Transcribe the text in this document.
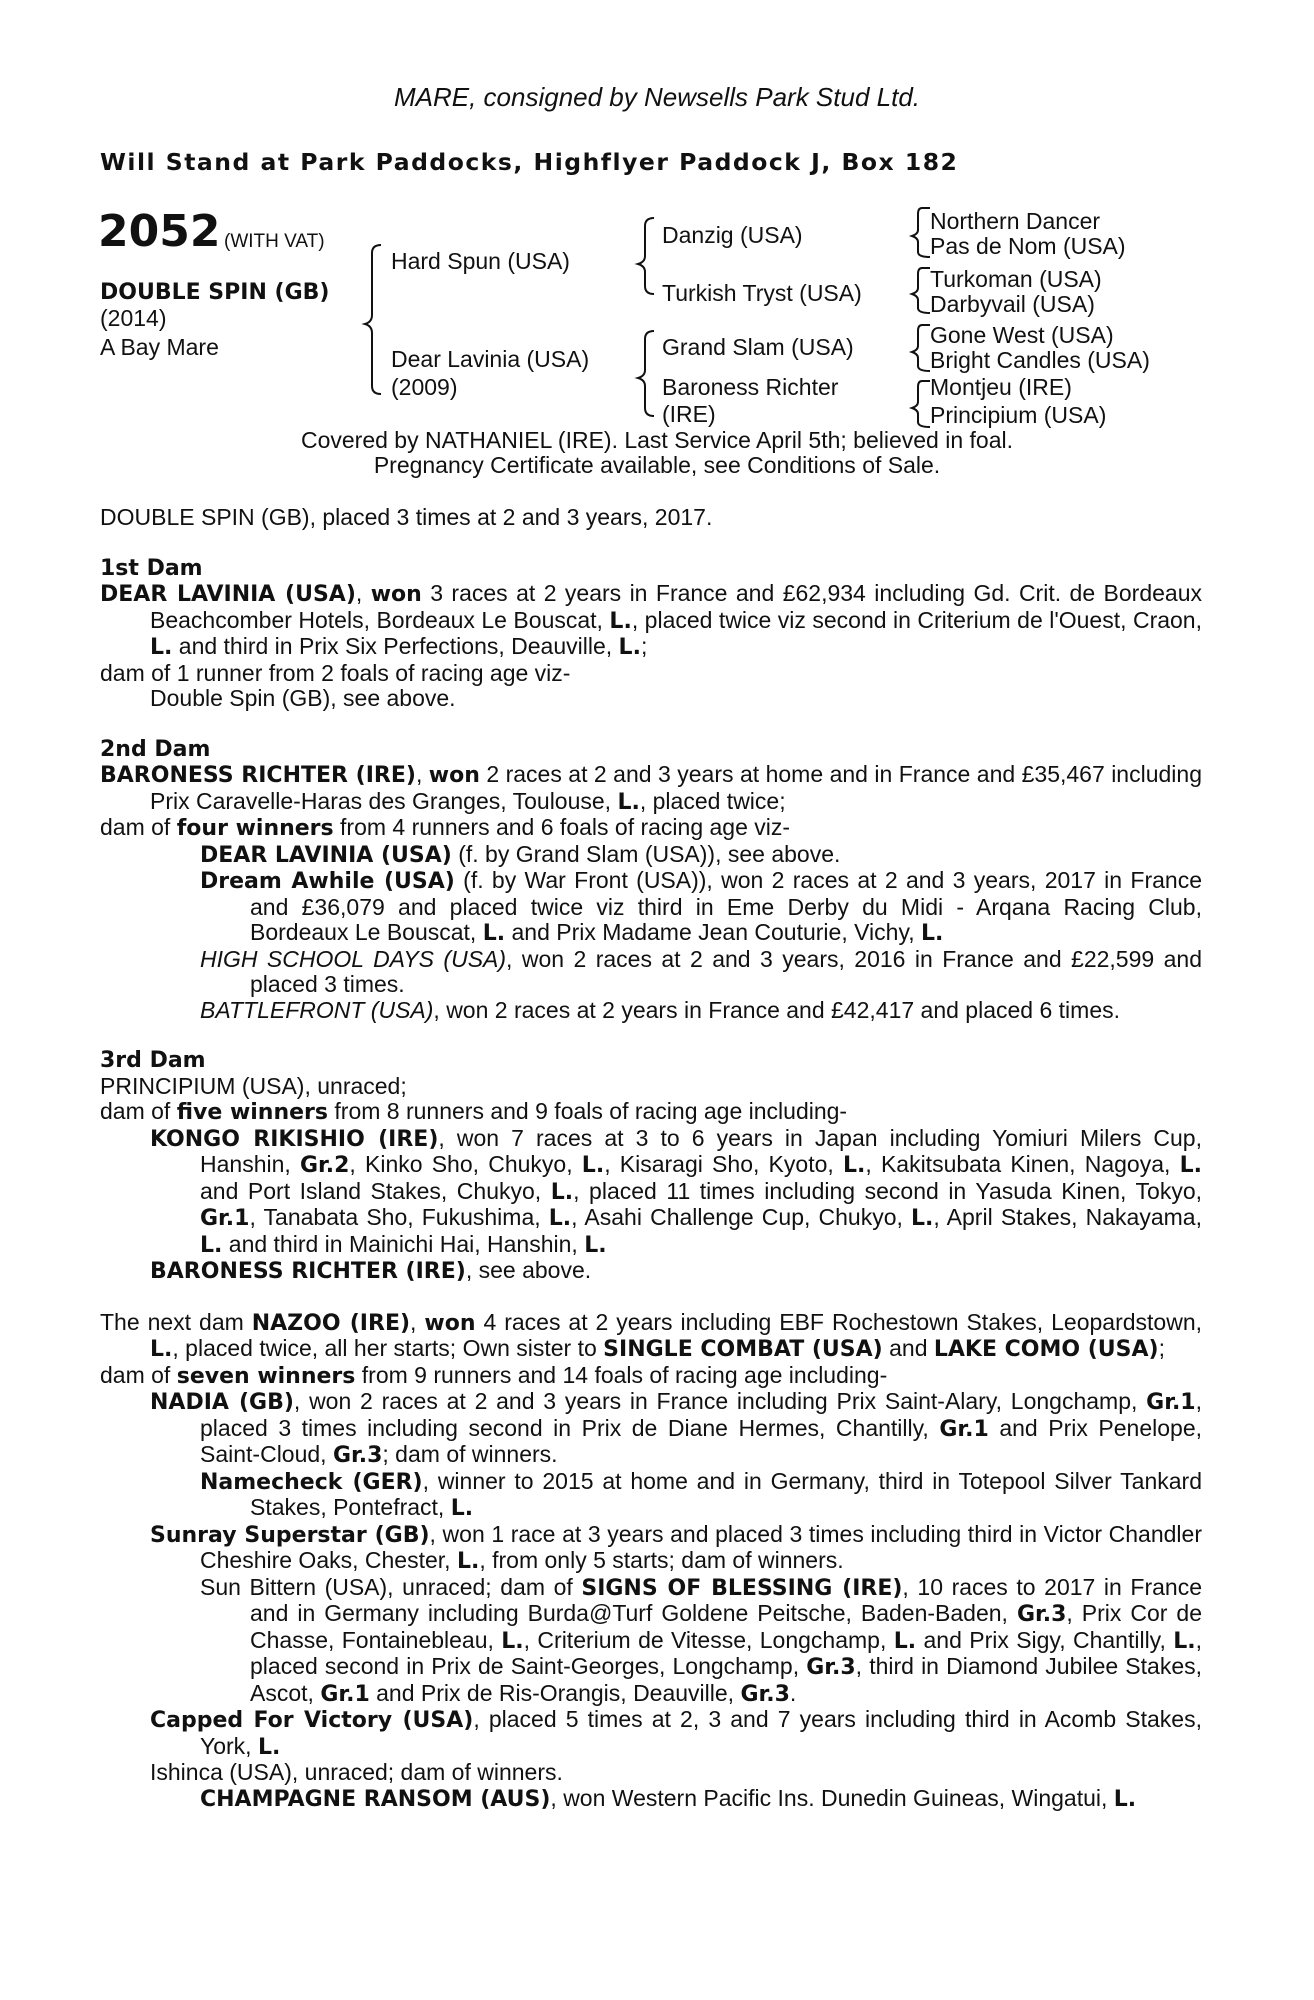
MARE, consigned by Newsells Park Stud Ltd.
Will Stand at Park Paddocks, Highflyer Paddock J, Box 182
2052 (WITH VAT)
DOUBLE SPIN (GB)
(2014)
A Bay Mare
Hard Spun (USA)
Dear Lavinia (USA)
(2009)
Danzig (USA)
Turkish Tryst (USA)
Grand Slam (USA)
Baroness Richter
(IRE)
Northern Dancer
Pas de Nom (USA)
Turkoman (USA)
Darbyvail (USA)
Gone West (USA)
Bright Candles (USA)
Montjeu (IRE)
Principium (USA)
Covered by NATHANIEL (IRE). Last Service April 5th; believed in foal.
Pregnancy Certificate available, see Conditions of Sale.

DOUBLE SPIN (GB), placed 3 times at 2 and 3 years, 2017.

1st Dam

DEAR LAVINIA (USA), won 3 races at 2 years in France and £62,934 including Gd. Crit. de Bordeaux Beachcomber Hotels, Bordeaux Le Bouscat, L., placed twice viz second in Criterium de l'Ouest, Craon, L. and third in Prix Six Perfections, Deauville, L.;

dam of 1 runner from 2 foals of racing age viz-

Double Spin (GB), see above.

2nd Dam

BARONESS RICHTER (IRE), won 2 races at 2 and 3 years at home and in France and £35,467 including Prix Caravelle-Haras des Granges, Toulouse, L., placed twice;

dam of four winners from 4 runners and 6 foals of racing age viz-

DEAR LAVINIA (USA) (f. by Grand Slam (USA)), see above.

Dream Awhile (USA) (f. by War Front (USA)), won 2 races at 2 and 3 years, 2017 in France and £36,079 and placed twice viz third in Eme Derby du Midi - Arqana Racing Club, Bordeaux Le Bouscat, L. and Prix Madame Jean Couturie, Vichy, L.

HIGH SCHOOL DAYS (USA), won 2 races at 2 and 3 years, 2016 in France and £22,599 and placed 3 times.

BATTLEFRONT (USA), won 2 races at 2 years in France and £42,417 and placed 6 times.

3rd Dam

PRINCIPIUM (USA), unraced;

dam of five winners from 8 runners and 9 foals of racing age including-

KONGO RIKISHIO (IRE), won 7 races at 3 to 6 years in Japan including Yomiuri Milers Cup, Hanshin, Gr.2, Kinko Sho, Chukyo, L., Kisaragi Sho, Kyoto, L., Kakitsubata Kinen, Nagoya, L. and Port Island Stakes, Chukyo, L., placed 11 times including second in Yasuda Kinen, Tokyo, Gr.1, Tanabata Sho, Fukushima, L., Asahi Challenge Cup, Chukyo, L., April Stakes, Nakayama, L. and third in Mainichi Hai, Hanshin, L.

BARONESS RICHTER (IRE), see above.

The next dam NAZOO (IRE), won 4 races at 2 years including EBF Rochestown Stakes, Leopardstown, L., placed twice, all her starts; Own sister to SINGLE COMBAT (USA) and LAKE COMO (USA);

dam of seven winners from 9 runners and 14 foals of racing age including-

NADIA (GB), won 2 races at 2 and 3 years in France including Prix Saint-Alary, Longchamp, Gr.1, placed 3 times including second in Prix de Diane Hermes, Chantilly, Gr.1 and Prix Penelope, Saint-Cloud, Gr.3; dam of winners.

Namecheck (GER), winner to 2015 at home and in Germany, third in Totepool Silver Tankard Stakes, Pontefract, L.

Sunray Superstar (GB), won 1 race at 3 years and placed 3 times including third in Victor Chandler Cheshire Oaks, Chester, L., from only 5 starts; dam of winners.

Sun Bittern (USA), unraced; dam of SIGNS OF BLESSING (IRE), 10 races to 2017 in France and in Germany including Burda@Turf Goldene Peitsche, Baden-Baden, Gr.3, Prix Cor de Chasse, Fontainebleau, L., Criterium de Vitesse, Longchamp, L. and Prix Sigy, Chantilly, L., placed second in Prix de Saint-Georges, Longchamp, Gr.3, third in Diamond Jubilee Stakes, Ascot, Gr.1 and Prix de Ris-Orangis, Deauville, Gr.3.

Capped For Victory (USA), placed 5 times at 2, 3 and 7 years including third in Acomb Stakes, York, L.

Ishinca (USA), unraced; dam of winners.

CHAMPAGNE RANSOM (AUS), won Western Pacific Ins. Dunedin Guineas, Wingatui, L.
